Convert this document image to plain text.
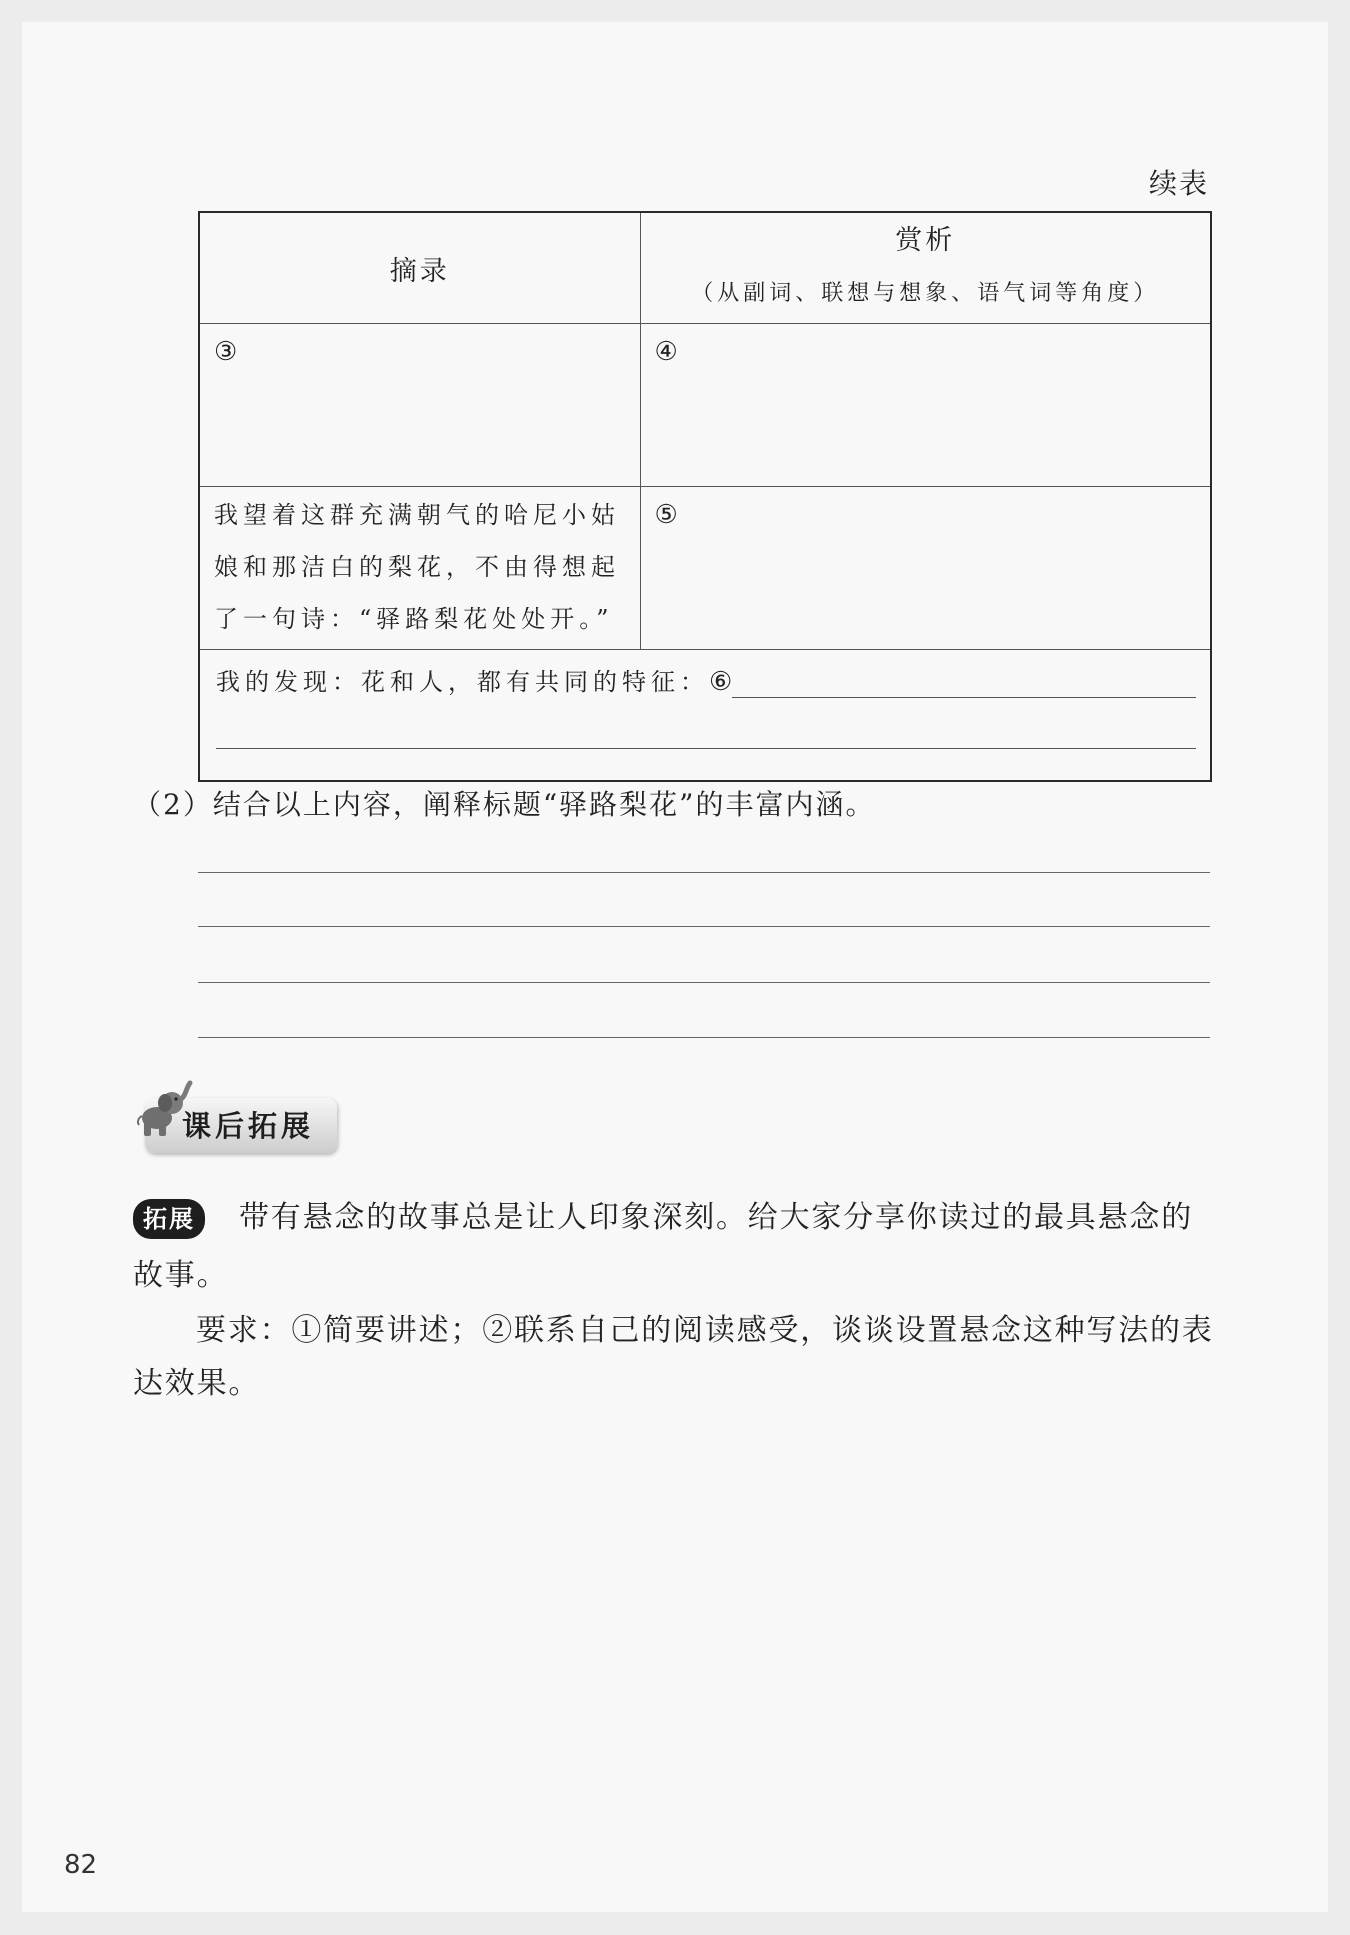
续表
摘录	赏析
（从副词、联想与想象、语气词等角度）

③	④

我望着这群充满朝气的哈尼小姑
娘和那洁白的梨花，不由得想起
了一句诗：“驿路梨花处处开。”	⑤

我的发现：花和人，都有共同的特征： ⑥	
（2）结合以上内容，阐释标题“驿路梨花”的丰富内涵。
课后拓展
拓展	带有悬念的故事总是让人印象深刻。给大家分享你读过的最具悬念的
故事。
要求：①简要讲述；②联系自己的阅读感受，谈谈设置悬念这种写法的表
达效果。
82
